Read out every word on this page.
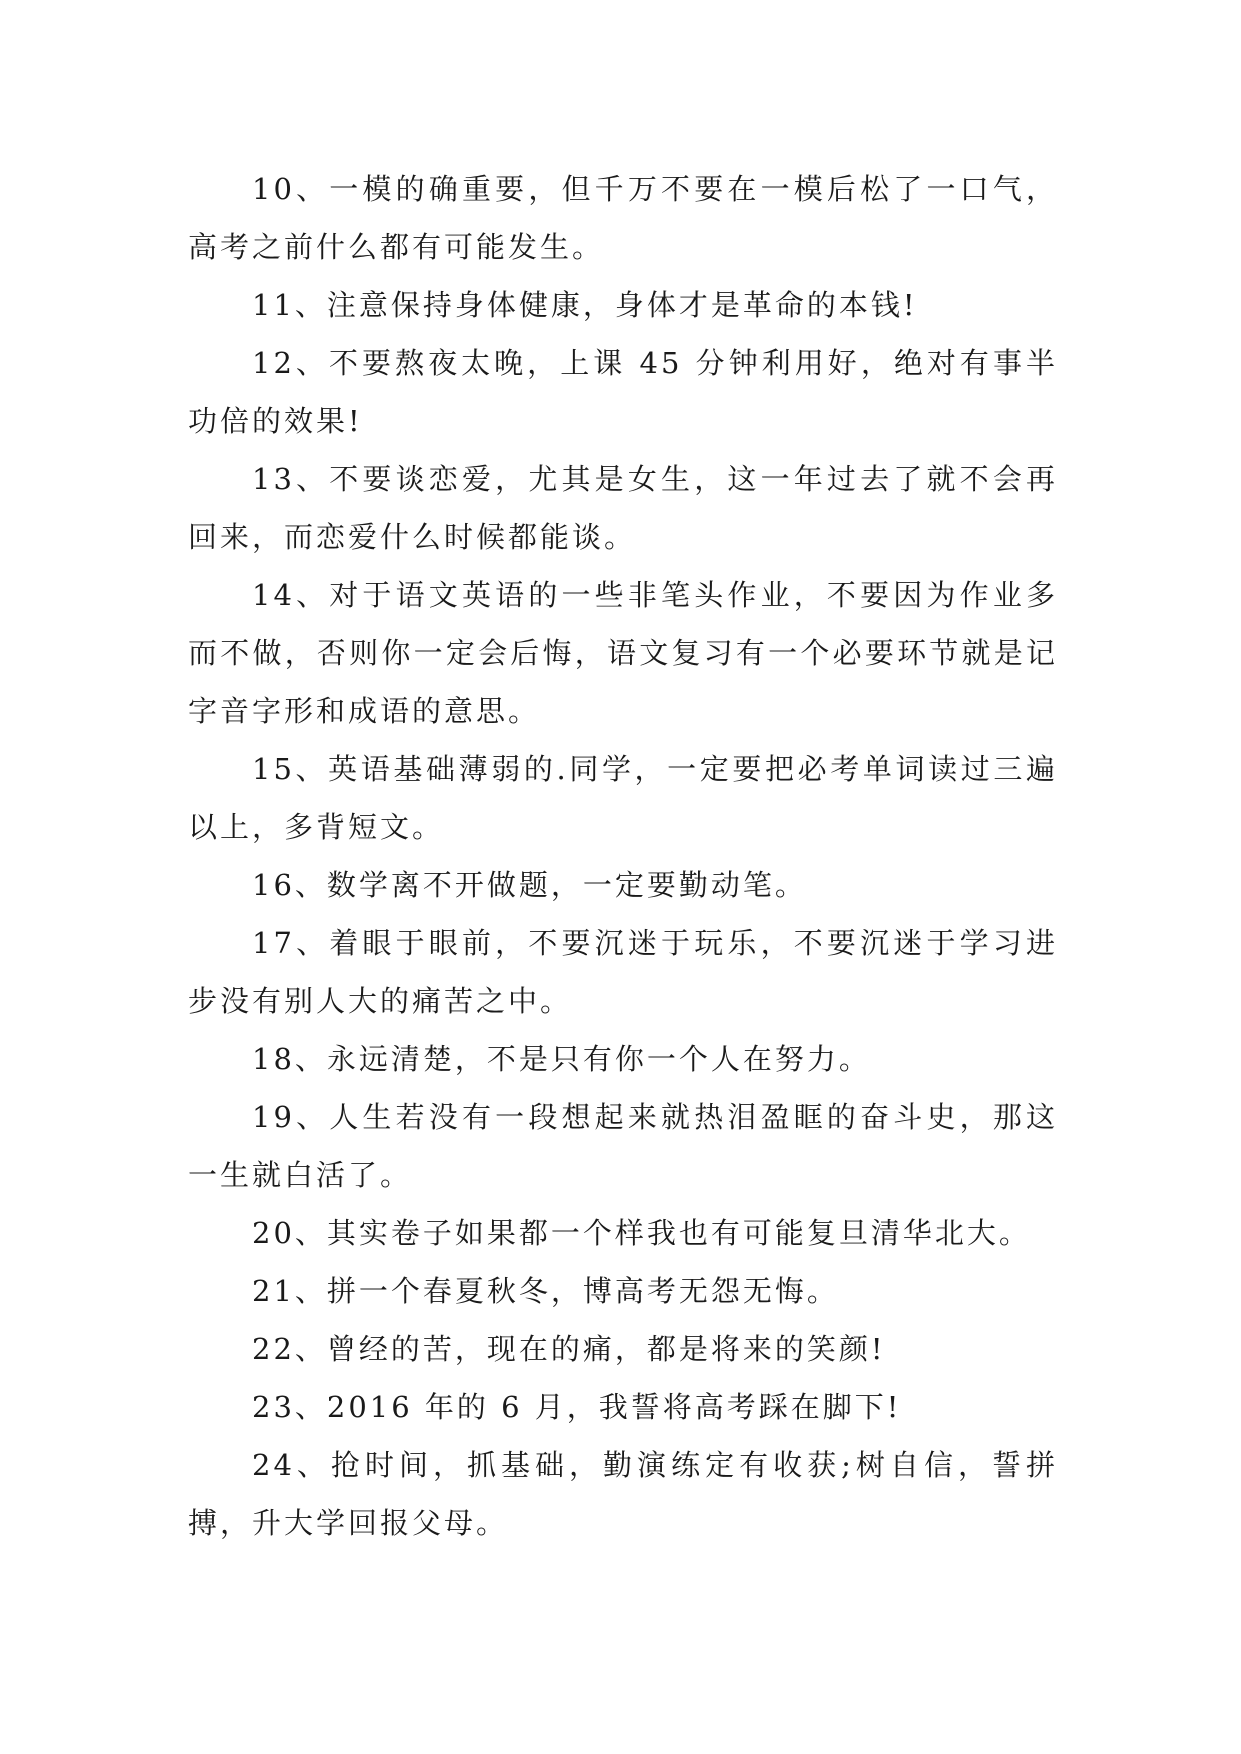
10、一模的确重要，但千万不要在一模后松了一口气，高考之前什么都有可能发生。

11、注意保持身体健康，身体才是革命的本钱!

12、不要熬夜太晚，上课 45 分钟利用好，绝对有事半功倍的效果!

13、不要谈恋爱，尤其是女生，这一年过去了就不会再回来，而恋爱什么时候都能谈。

14、对于语文英语的一些非笔头作业，不要因为作业多而不做，否则你一定会后悔，语文复习有一个必要环节就是记字音字形和成语的意思。

15、英语基础薄弱的.同学，一定要把必考单词读过三遍以上，多背短文。

16、数学离不开做题，一定要勤动笔。

17、着眼于眼前，不要沉迷于玩乐，不要沉迷于学习进步没有别人大的痛苦之中。

18、永远清楚，不是只有你一个人在努力。

19、人生若没有一段想起来就热泪盈眶的奋斗史，那这一生就白活了。

20、其实卷子如果都一个样我也有可能复旦清华北大。

21、拼一个春夏秋冬，博高考无怨无悔。

22、曾经的苦，现在的痛，都是将来的笑颜!

23、2016 年的 6 月，我誓将高考踩在脚下!

24、抢时间，抓基础，勤演练定有收获;树自信，誓拼搏，升大学回报父母。
